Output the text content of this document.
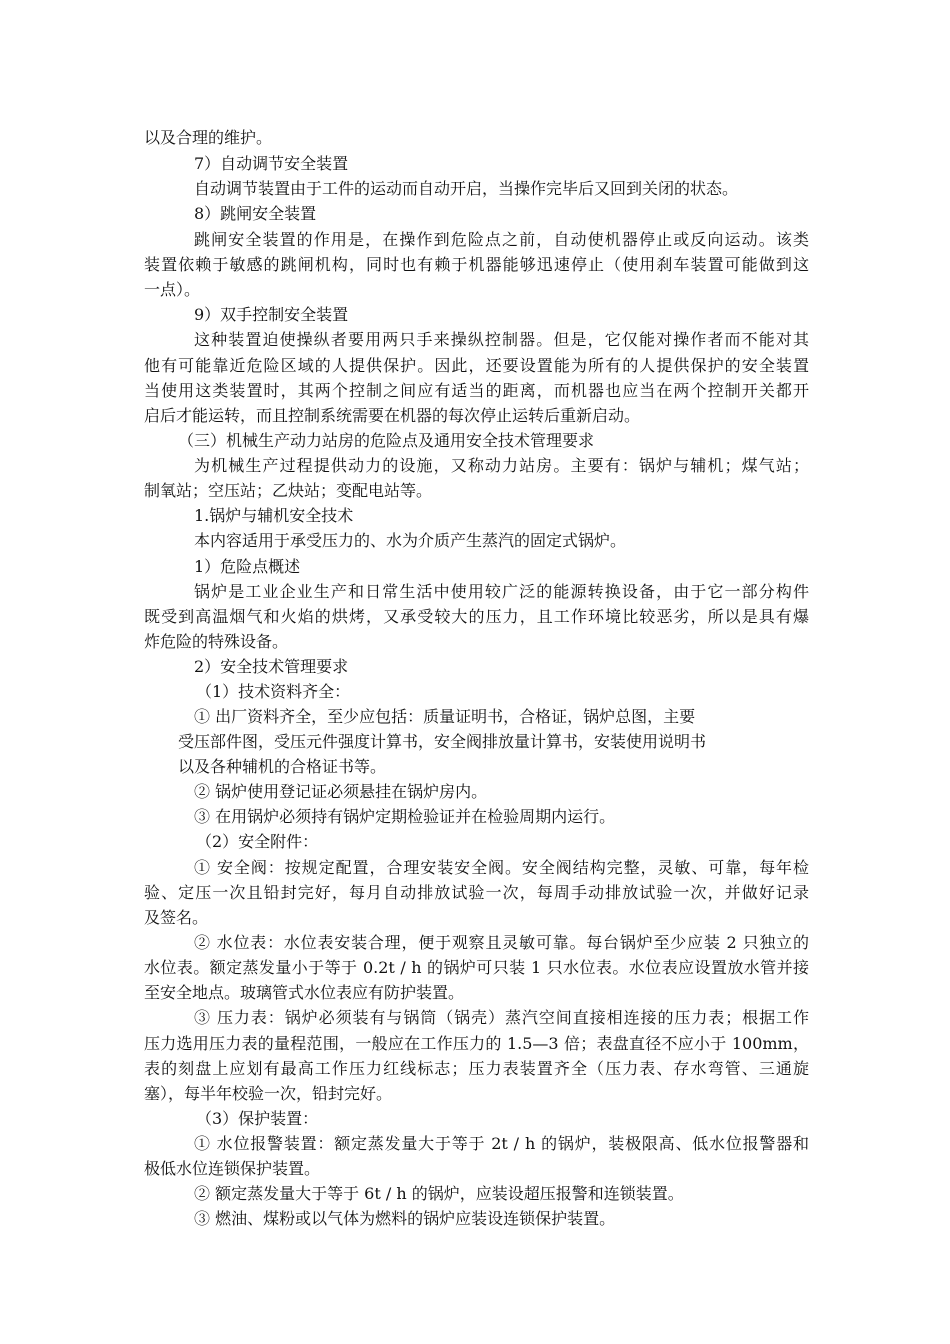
以及合理的维护。
7）自动调节安全装置
自动调节装置由于工件的运动而自动开启，当操作完毕后又回到关闭的状态。
8）跳闸安全装置
跳闸安全装置的作用是，在操作到危险点之前，自动使机器停止或反向运动。该类
装置依赖于敏感的跳闸机构，同时也有赖于机器能够迅速停止（使用刹车装置可能做到这
一点）。
9）双手控制安全装置
这种装置迫使操纵者要用两只手来操纵控制器。但是，它仅能对操作者而不能对其
他有可能靠近危险区域的人提供保护。因此，还要设置能为所有的人提供保护的安全装置
当使用这类装置时，其两个控制之间应有适当的距离，而机器也应当在两个控制开关都开
启后才能运转，而且控制系统需要在机器的每次停止运转后重新启动。
（三）机械生产动力站房的危险点及通用安全技术管理要求
为机械生产过程提供动力的设施，又称动力站房。主要有：锅炉与辅机；煤气站；
制氧站；空压站；乙炔站；变配电站等。
1.锅炉与辅机安全技术
本内容适用于承受压力的、水为介质产生蒸汽的固定式锅炉。
1）危险点概述
锅炉是工业企业生产和日常生活中使用较广泛的能源转换设备，由于它一部分构件
既受到高温烟气和火焰的烘烤，又承受较大的压力，且工作环境比较恶劣，所以是具有爆
炸危险的特殊设备。
2）安全技术管理要求
（1）技术资料齐全：
① 出厂资料齐全，至少应包括：质量证明书，合格证，锅炉总图，主要
受压部件图，受压元件强度计算书，安全阀排放量计算书，安装使用说明书
以及各种辅机的合格证书等。
② 锅炉使用登记证必须悬挂在锅炉房内。
③ 在用锅炉必须持有锅炉定期检验证并在检验周期内运行。
（2）安全附件：
① 安全阀：按规定配置，合理安装安全阀。安全阀结构完整，灵敏、可靠，每年检
验、定压一次且铅封完好，每月自动排放试验一次，每周手动排放试验一次，并做好记录
及签名。
② 水位表：水位表安装合理，便于观察且灵敏可靠。每台锅炉至少应装 2 只独立的
水位表。额定蒸发量小于等于 0.2t / h 的锅炉可只装 1 只水位表。水位表应设置放水管并接
至安全地点。玻璃管式水位表应有防护装置。
③ 压力表：锅炉必须装有与锅筒（锅壳）蒸汽空间直接相连接的压力表；根据工作
压力选用压力表的量程范围，一般应在工作压力的 1.5—3 倍；表盘直径不应小于 100mm，
表的刻盘上应划有最高工作压力红线标志；压力表装置齐全（压力表、存水弯管、三通旋
塞），每半年校验一次，铅封完好。
（3）保护装置：
① 水位报警装置：额定蒸发量大于等于 2t / h 的锅炉，装极限高、低水位报警器和
极低水位连锁保护装置。
② 额定蒸发量大于等于 6t / h 的锅炉，应装设超压报警和连锁装置。
③ 燃油、煤粉或以气体为燃料的锅炉应装设连锁保护装置。
